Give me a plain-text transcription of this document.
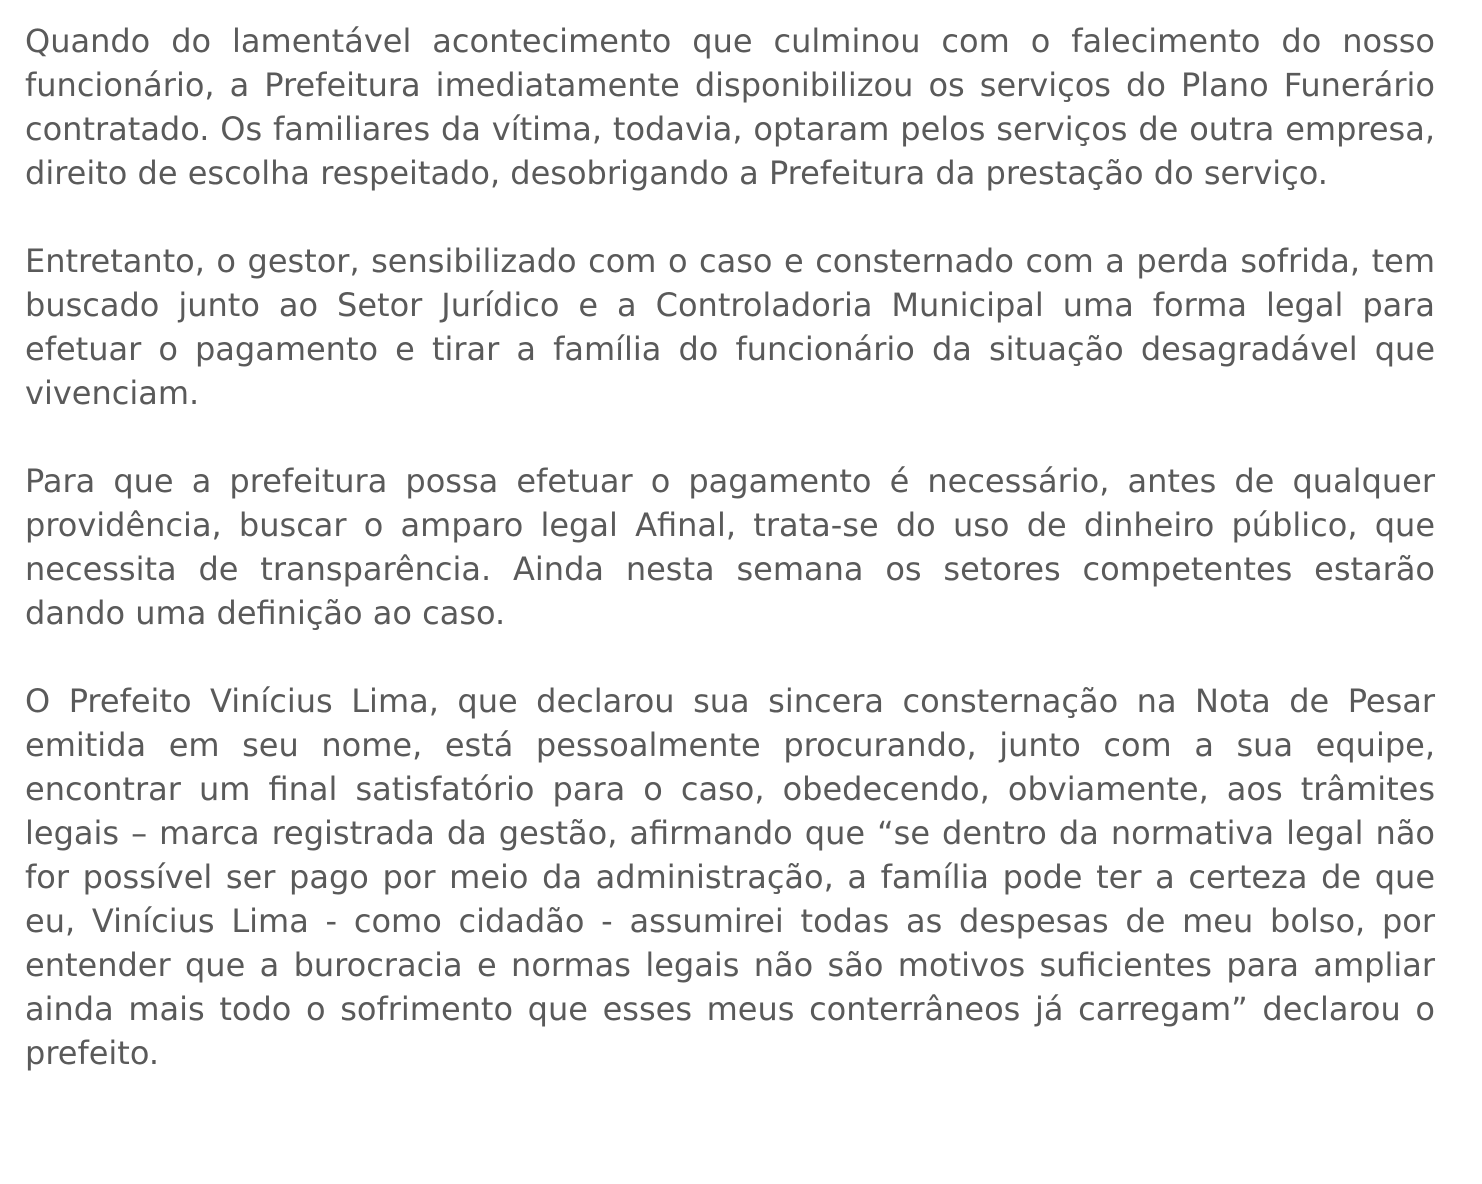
Quando do lamentável acontecimento que culminou com o falecimento do nosso funcionário, a Prefeitura imediatamente disponibilizou os serviços do Plano Funerário contratado. Os familiares da vítima, todavia, optaram pelos serviços de outra empresa, direito de escolha respeitado, desobrigando a Prefeitura da prestação do serviço.

Entretanto, o gestor, sensibilizado com o caso e consternado com a perda sofrida, tem buscado junto ao Setor Jurídico e a Controladoria Municipal uma forma legal para efetuar o pagamento e tirar a família do funcionário da situação desagradável que vivenciam.

Para que a prefeitura possa efetuar o pagamento é necessário, antes de qualquer providência, buscar o amparo legal Afinal, trata-se do uso de dinheiro público, que necessita de transparência. Ainda nesta semana os setores competentes estarão dando uma definição ao caso.

O Prefeito Vinícius Lima, que declarou sua sincera consternação na Nota de Pesar emitida em seu nome, está pessoalmente procurando, junto com a sua equipe, encontrar um final satisfatório para o caso, obedecendo, obviamente, aos trâmites legais – marca registrada da gestão, afirmando que “se dentro da normativa legal não for possível ser pago por meio da administração, a família pode ter a certeza de que eu, Vinícius Lima - como cidadão - assumirei todas as despesas de meu bolso, por entender que a burocracia e normas legais não são motivos suficientes para ampliar ainda mais todo o sofrimento que esses meus conterrâneos já carregam” declarou o prefeito.
